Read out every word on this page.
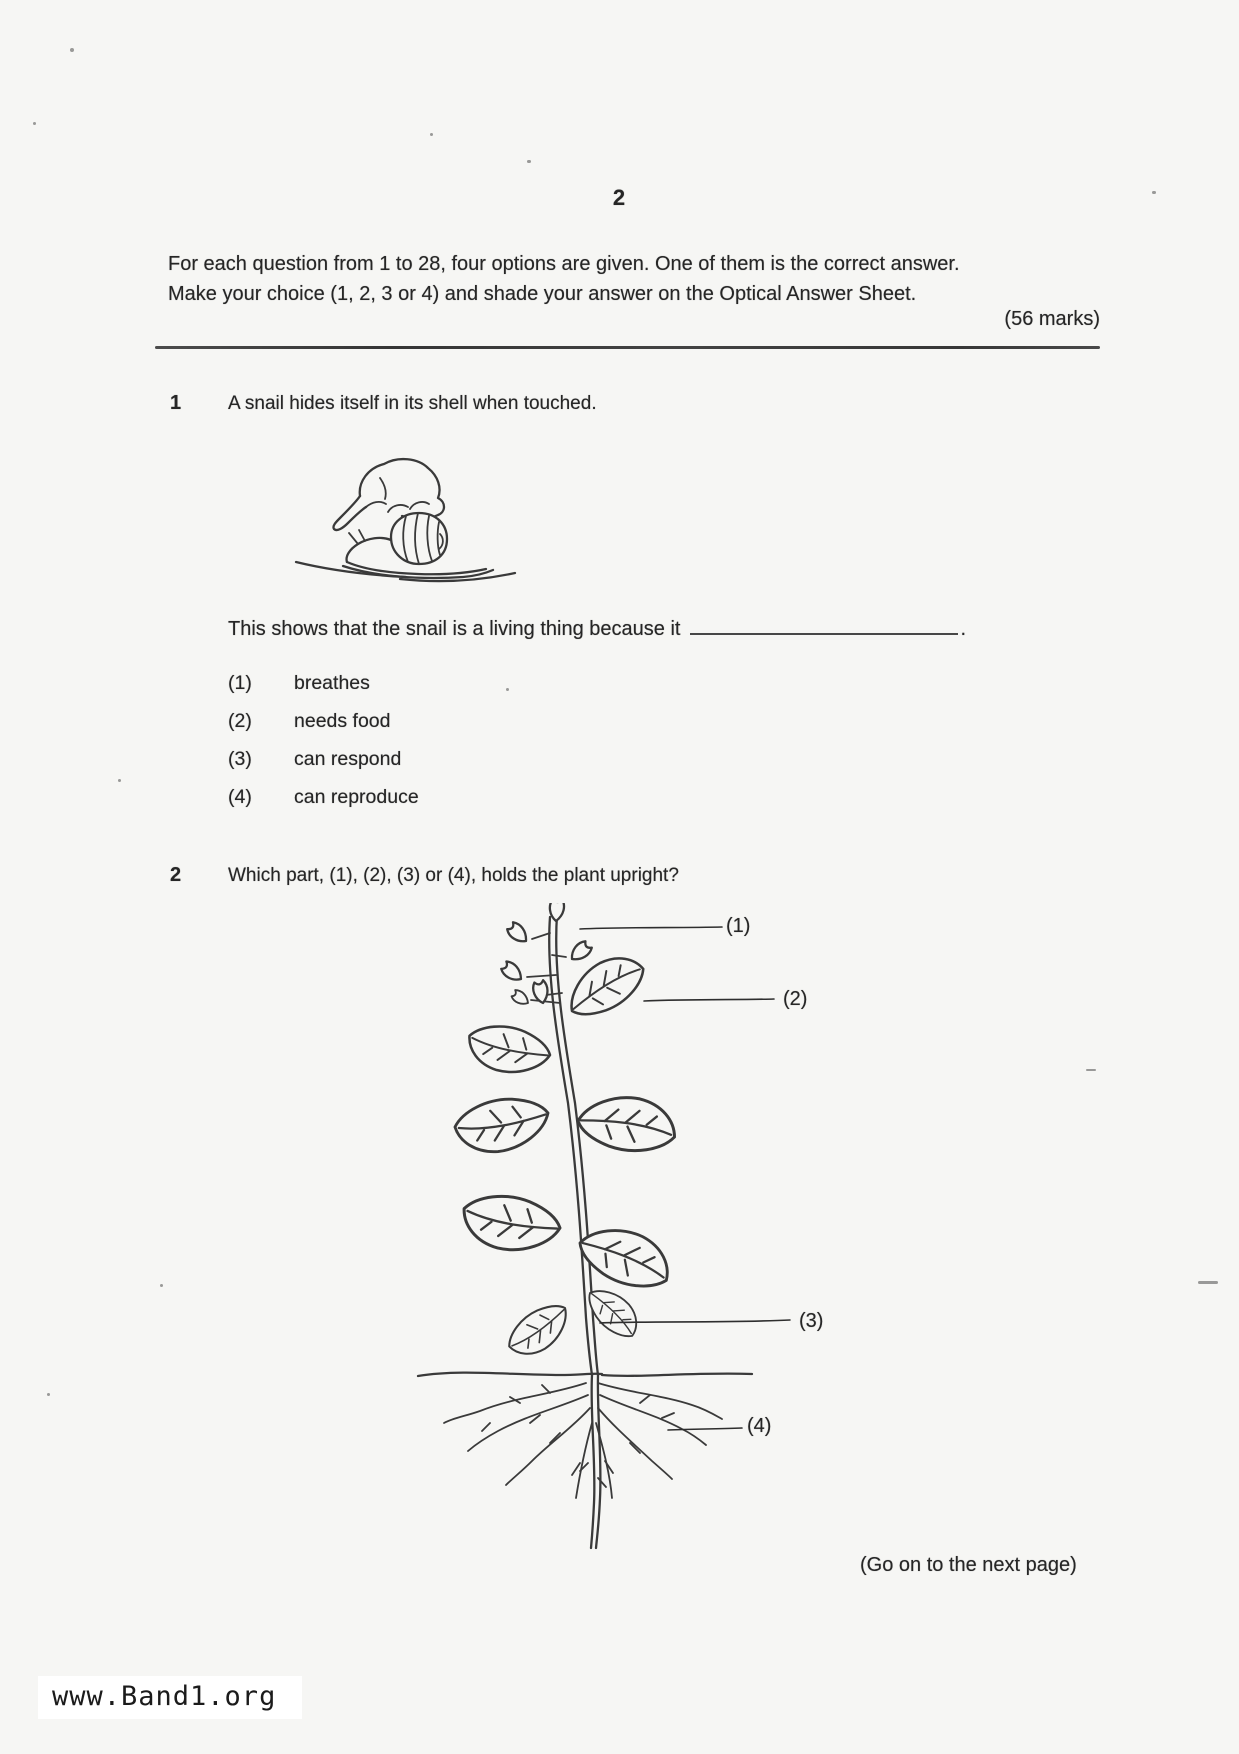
2
For each question from 1 to 28, four options are given. One of them is the correct answer.
Make your choice (1, 2, 3 or 4) and shade your answer on the Optical Answer Sheet.
(56 marks)
1 A snail hides itself in its shell when touched.
This shows that the snail is a living thing because it	.
(1)	breathes
(2)	needs food
(3)	can respond
(4)	can reproduce
2 Which part, (1), (2), (3) or (4), holds the plant upright?
(1)
(2)
(3)
(4)
(Go on to the next page)
www.Band1.org
